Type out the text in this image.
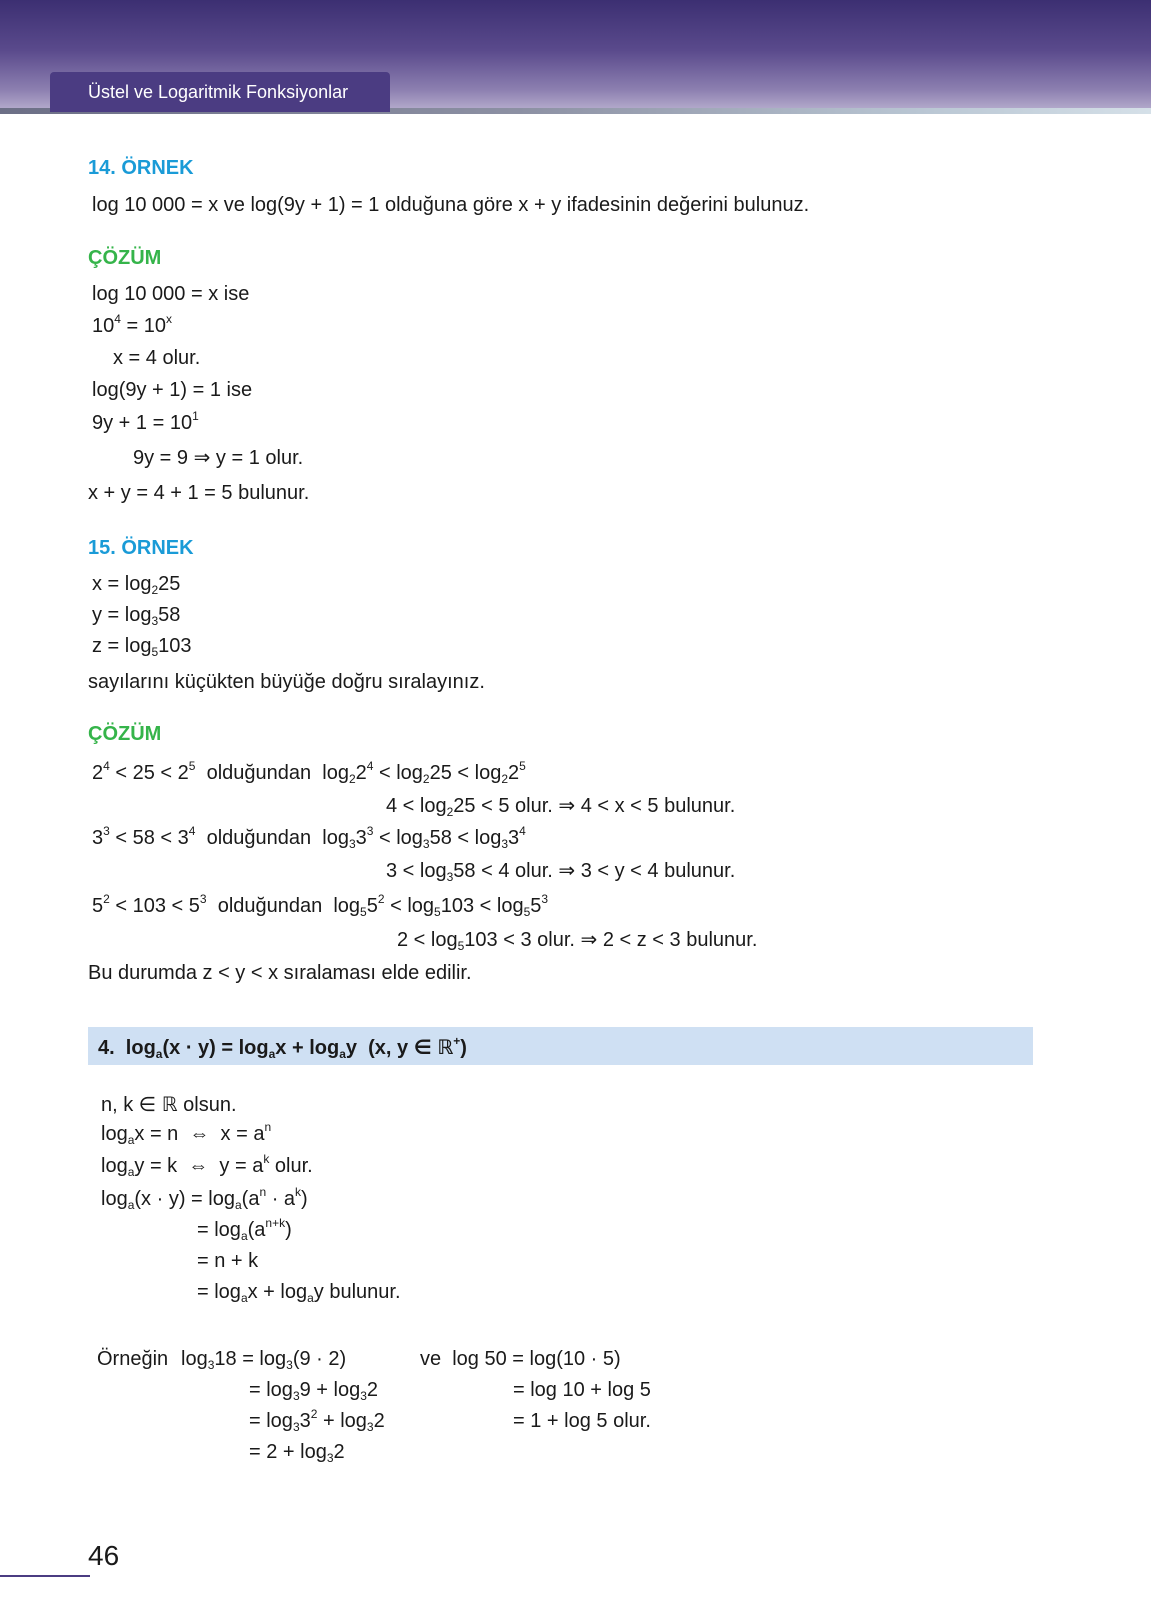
Üstel ve Logaritmik Fonksiyonlar
14. ÖRNEK
log 10 000 = x ve log(9y + 1) = 1 olduğuna göre x + y ifadesinin değerini bulunuz.
ÇÖZÜM
log 10 000 = x ise
$10^4 = 10^x$
x = 4 olur.
log(9y + 1) = 1 ise
$9y + 1 = 10^1$
9y = 9 ⇒ y = 1 olur.
x + y = 4 + 1 = 5 bulunur.
15. ÖRNEK
$x = \log_225$
$y = \log_358$
$z = \log_5103$
sayılarını küçükten büyüğe doğru sıralayınız.
ÇÖZÜM
$2^4 < 25 < 2^5$  olduğundan  $\log_22^4 < \log_225 < \log_22^5$
$4 < \log_225 < 5$ olur. ⇒ 4 < x < 5 bulunur.
$3^3 < 58 < 3^4$  olduğundan  $\log_33^3 < \log_358 < \log_33^4$
$3 < \log_358 < 4$ olur. ⇒ 3 < y < 4 bulunur.
$5^2 < 103 < 5^3$  olduğundan  $\log_55^2 < \log_5103 < \log_55^3$
$2 < \log_5103 < 3$ olur. ⇒ 2 < z < 3 bulunur.
Bu durumda z < y < x sıralaması elde edilir.
4.  $\log_a(x \cdot y) = \log_ax + \log_ay$  (x, y ∈ ℝ+)
n, k ∈ ℝ olsun.
$\log_ax = n$  ⇔  $x = a^n$
$\log_ay = k$  ⇔  $y = a^k$ olur.
$\log_a(x \cdot y) = \log_a(a^n \cdot a^k)$
= $\log_a(a^{n+k})$
= n + k
= $\log_ax + \log_ay$ bulunur.
Örneğin $\log_318 = \log_3(9 \cdot 2)$
= $\log_39 + \log_32$
= $\log_33^2 + \log_32$
= $2 + \log_32$
ve  log 50 = log(10 · 5)
= log 10 + log 5
= 1 + log 5 olur.
46
